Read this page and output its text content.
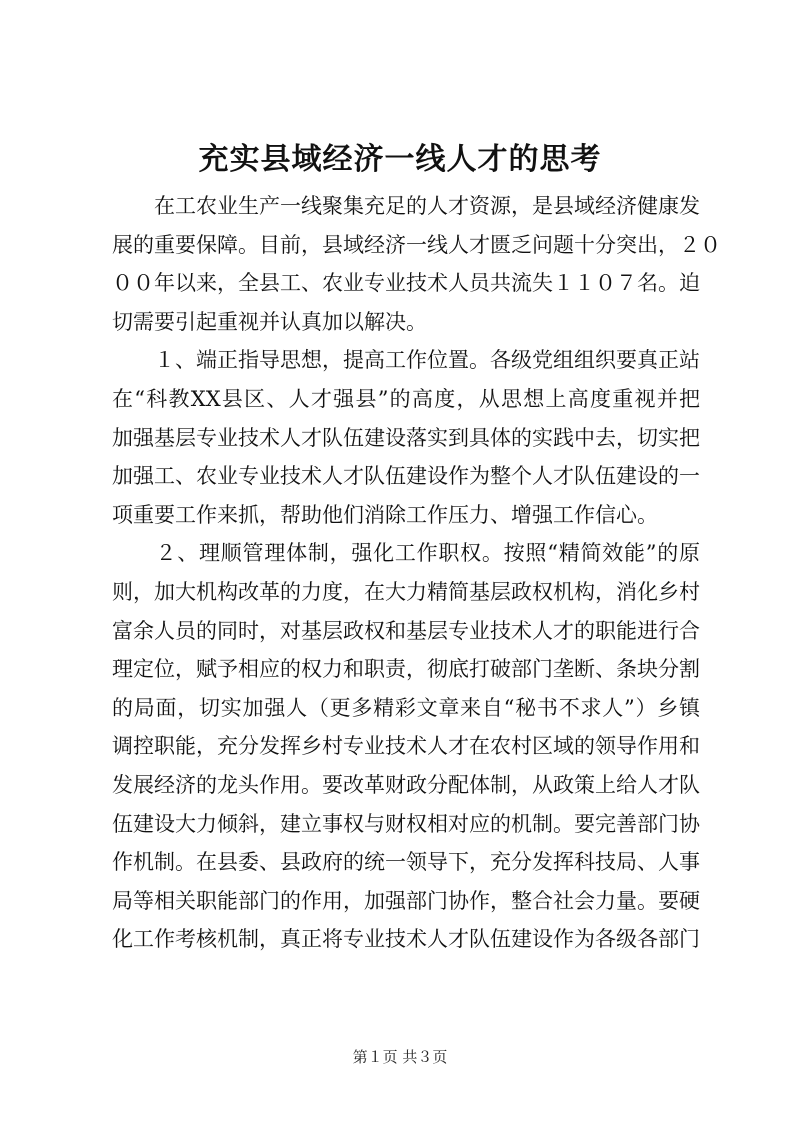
充实县域经济一线人才的思考
　　在工农业生产一线聚集充足的人才资源，是县域经济健康发
展的重要保障。目前，县域经济一线人才匮乏问题十分突出，２０
００年以来，全县工、农业专业技术人员共流失１１０７名。迫
切需要引起重视并认真加以解决。
　　１、端正指导思想，提高工作位置。各级党组组织要真正站
在“科教XX县区、人才强县”的高度，从思想上高度重视并把
加强基层专业技术人才队伍建设落实到具体的实践中去，切实把
加强工、农业专业技术人才队伍建设作为整个人才队伍建设的一
项重要工作来抓，帮助他们消除工作压力、增强工作信心。
　　２、理顺管理体制，强化工作职权。按照“精简效能”的原
则，加大机构改革的力度，在大力精简基层政权机构，消化乡村
富余人员的同时，对基层政权和基层专业技术人才的职能进行合
理定位，赋予相应的权力和职责，彻底打破部门垄断、条块分割
的局面，切实加强人（更多精彩文章来自“秘书不求人”）乡镇
调控职能，充分发挥乡村专业技术人才在农村区域的领导作用和
发展经济的龙头作用。要改革财政分配体制，从政策上给人才队
伍建设大力倾斜，建立事权与财权相对应的机制。要完善部门协
作机制。在县委、县政府的统一领导下，充分发挥科技局、人事
局等相关职能部门的作用，加强部门协作，整合社会力量。要硬
化工作考核机制，真正将专业技术人才队伍建设作为各级各部门
第１页 共３页
